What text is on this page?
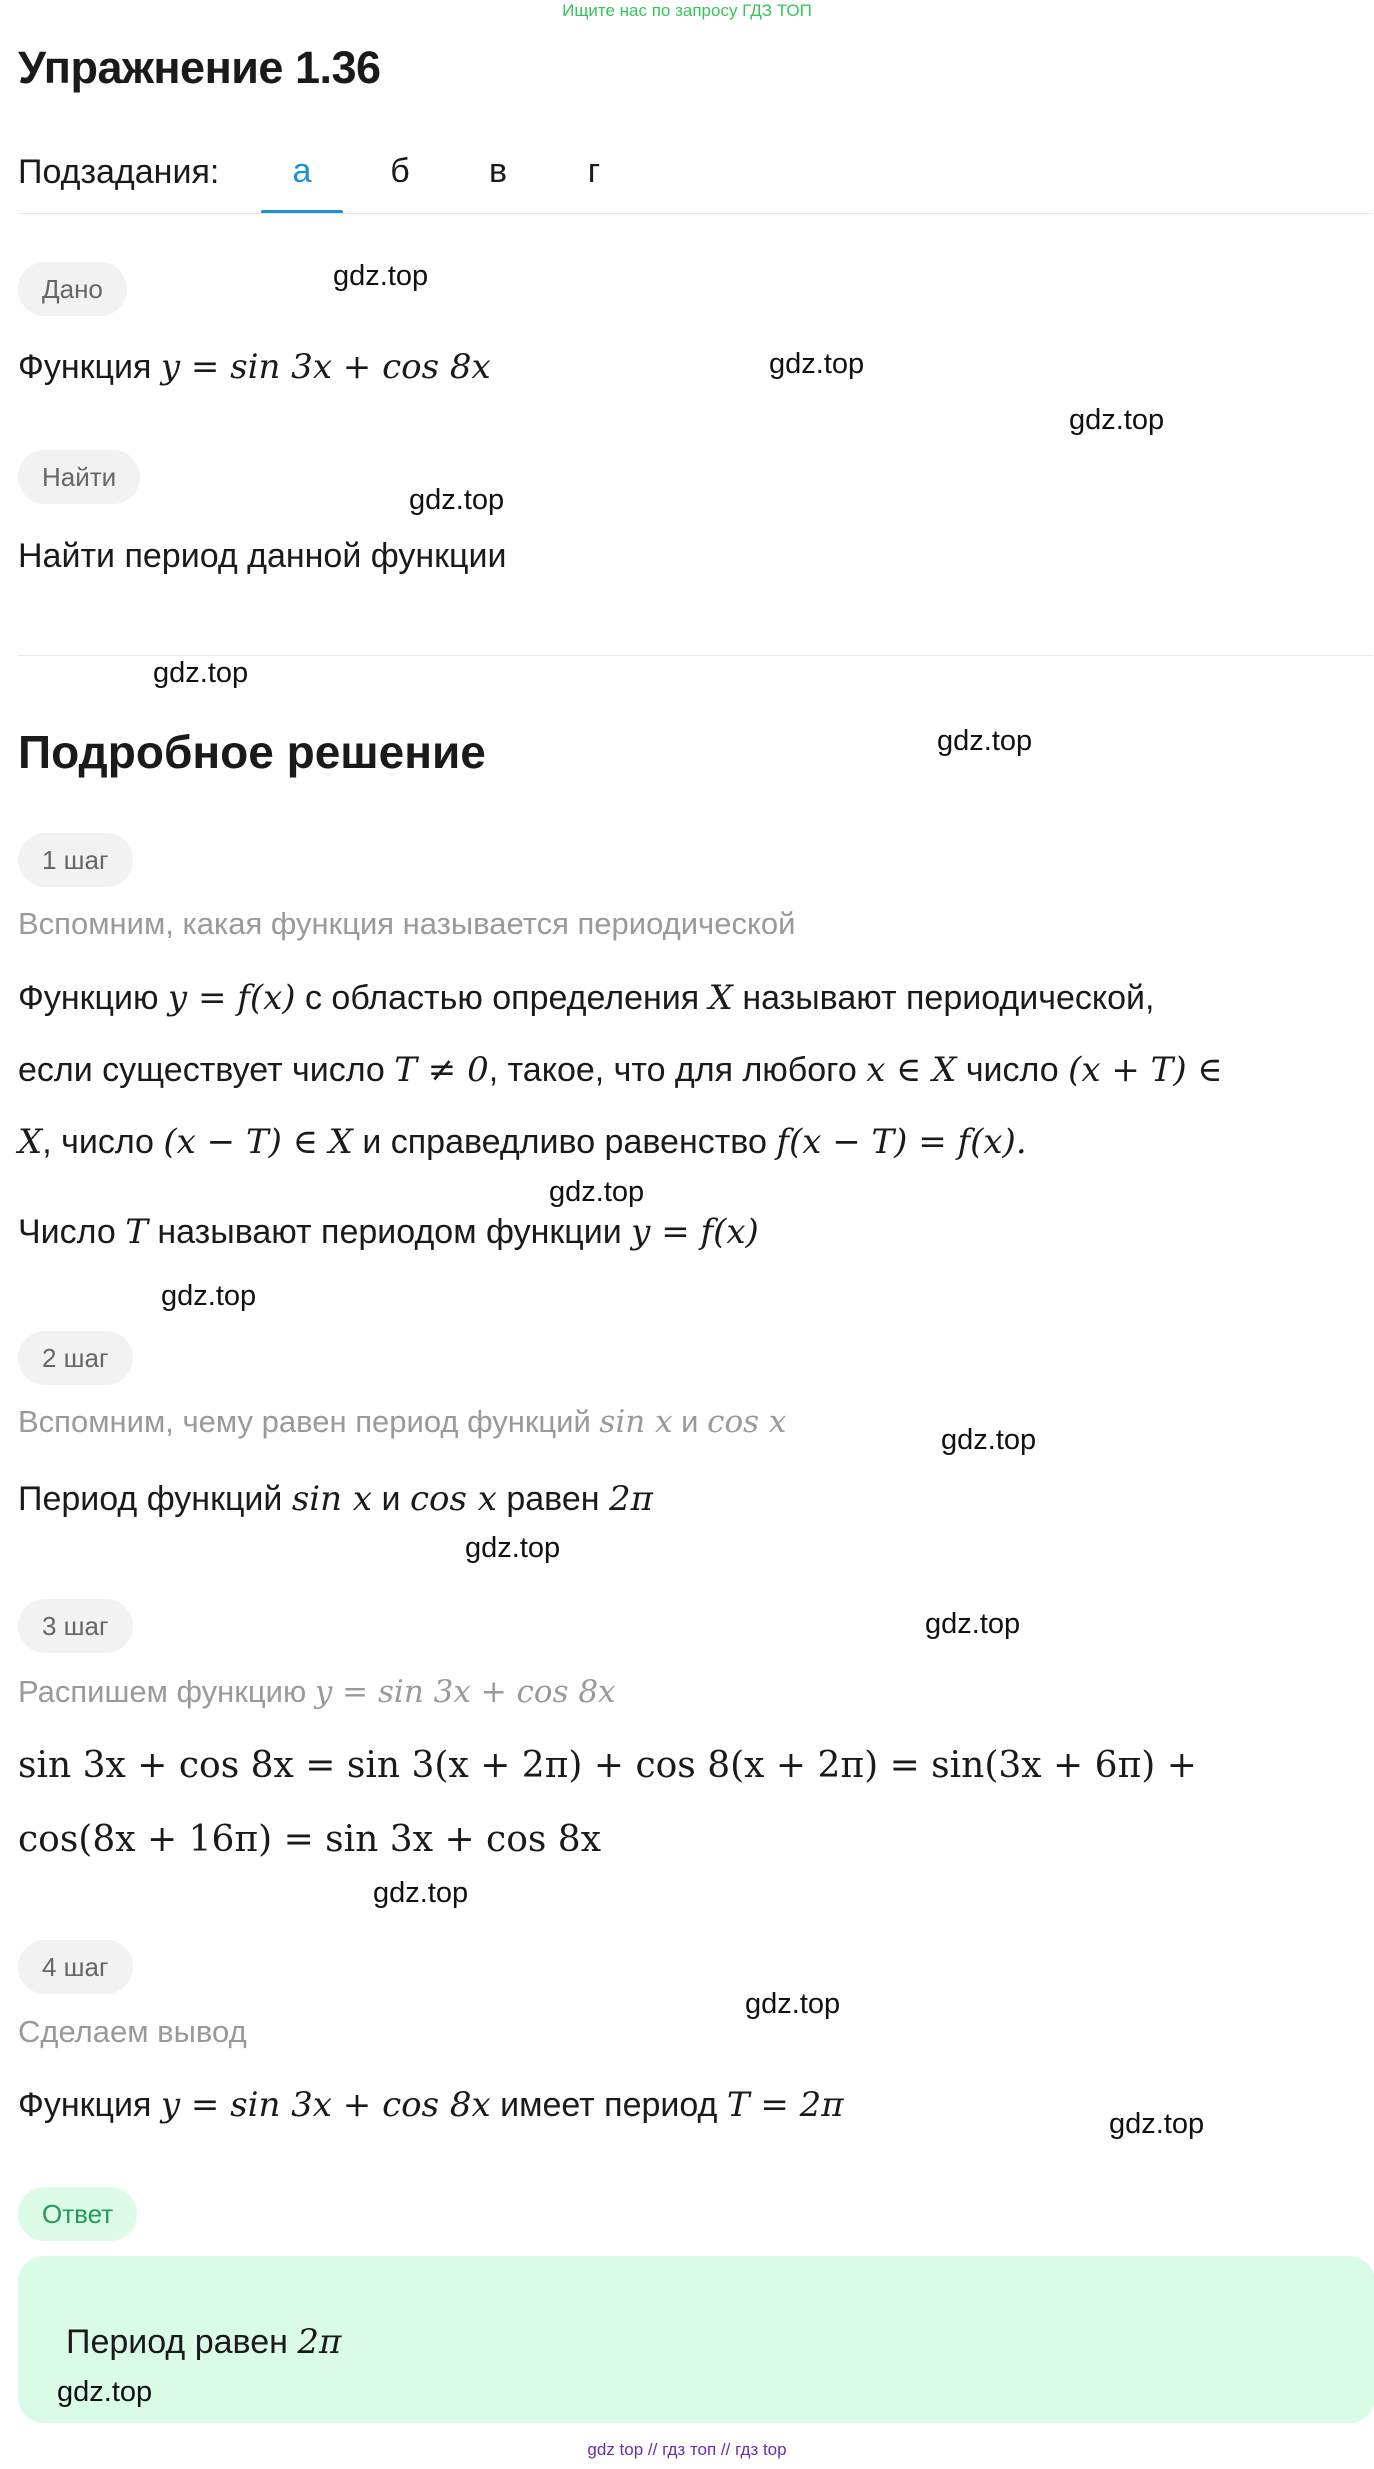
Ищите нас по запросу ГДЗ ТОП
Упражнение 1.36
Подзадания:	а	б	в	г
Дано
Функция y = sin 3x + cos 8x
Найти
Найти период данной функции
Подробное решение
1 шаг
Вспомним, какая функция называется периодической
Функцию y = f(x) с областью определения X называют периодической,
если существует число T ≠ 0, такое, что для любого x ∈ X число (x + T) ∈
X, число (x − T) ∈ X и справедливо равенство f(x − T) = f(x).
Число T называют периодом функции y = f(x)
2 шаг
Вспомним, чему равен период функций sin x и cos x
Период функций sin x и cos x равен 2π
3 шаг
Распишем функцию y = sin 3x + cos 8x
sin 3x + cos 8x = sin 3(x + 2π) + cos 8(x + 2π) = sin(3x + 6π) +
cos(8x + 16π) = sin 3x + cos 8x
4 шаг
Сделаем вывод
Функция y = sin 3x + cos 8x имеет период T = 2π
Ответ
Период равен 2π
gdz.top
gdz.top
gdz.top
gdz.top
gdz.top
gdz.top
gdz.top
gdz.top
gdz.top
gdz.top
gdz.top
gdz.top
gdz.top
gdz.top
gdz.top
gdz top // гдз топ // гдз top
